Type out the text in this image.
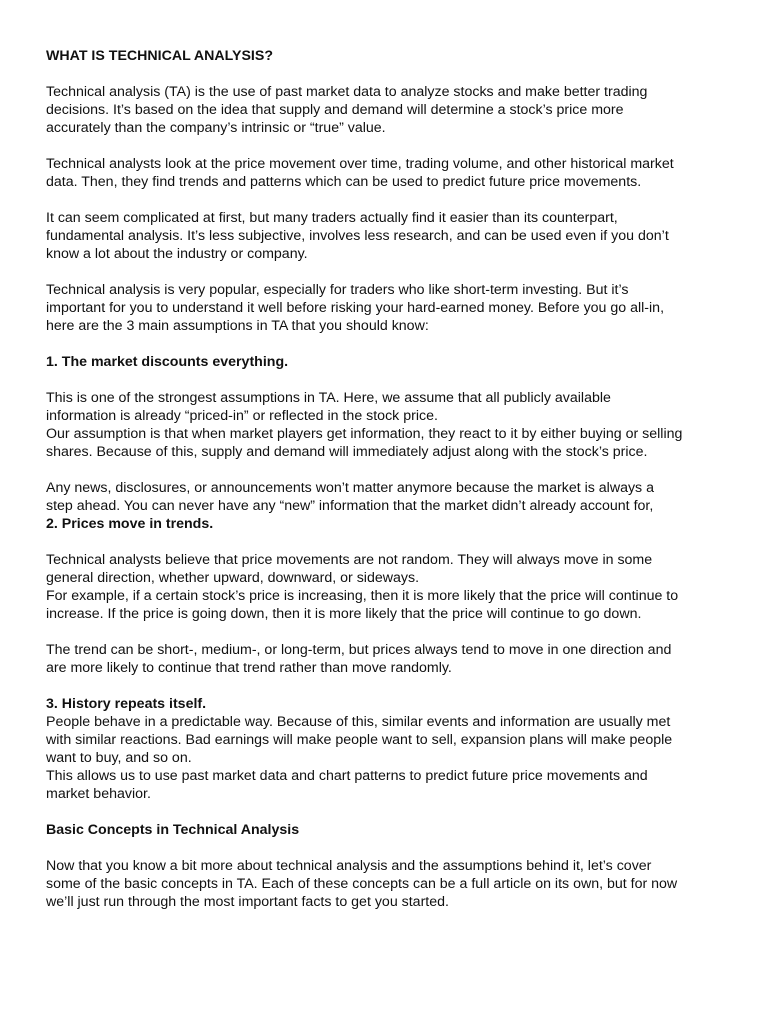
WHAT IS TECHNICAL ANALYSIS?

Technical analysis (TA) is the use of past market data to analyze stocks and make better trading
decisions. It’s based on the idea that supply and demand will determine a stock’s price more
accurately than the company’s intrinsic or “true” value.

Technical analysts look at the price movement over time, trading volume, and other historical market
data. Then, they find trends and patterns which can be used to predict future price movements.

It can seem complicated at first, but many traders actually find it easier than its counterpart,
fundamental analysis. It’s less subjective, involves less research, and can be used even if you don’t
know a lot about the industry or company.

Technical analysis is very popular, especially for traders who like short-term investing. But it’s
important for you to understand it well before risking your hard-earned money. Before you go all-in,
here are the 3 main assumptions in TA that you should know:

1. The market discounts everything.

This is one of the strongest assumptions in TA. Here, we assume that all publicly available
information is already “priced-in” or reflected in the stock price.
Our assumption is that when market players get information, they react to it by either buying or selling
shares. Because of this, supply and demand will immediately adjust along with the stock’s price.

Any news, disclosures, or announcements won’t matter anymore because the market is always a
step ahead. You can never have any “new” information that the market didn’t already account for,

2. Prices move in trends.

Technical analysts believe that price movements are not random. They will always move in some
general direction, whether upward, downward, or sideways.
For example, if a certain stock’s price is increasing, then it is more likely that the price will continue to
increase. If the price is going down, then it is more likely that the price will continue to go down.

The trend can be short-, medium-, or long-term, but prices always tend to move in one direction and
are more likely to continue that trend rather than move randomly.

3. History repeats itself.

People behave in a predictable way. Because of this, similar events and information are usually met
with similar reactions. Bad earnings will make people want to sell, expansion plans will make people
want to buy, and so on.
This allows us to use past market data and chart patterns to predict future price movements and
market behavior.

Basic Concepts in Technical Analysis

Now that you know a bit more about technical analysis and the assumptions behind it, let’s cover
some of the basic concepts in TA. Each of these concepts can be a full article on its own, but for now
we’ll just run through the most important facts to get you started.
